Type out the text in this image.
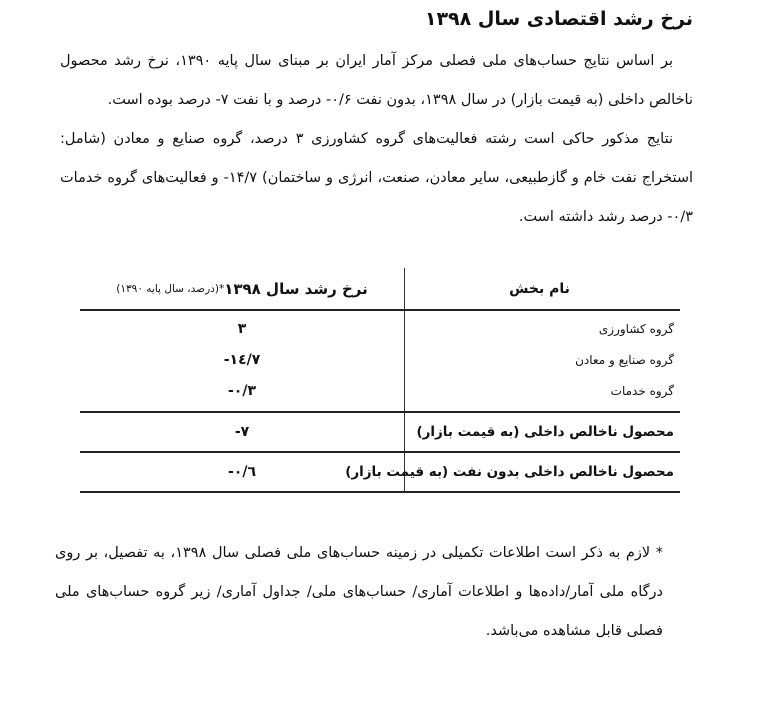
نرخ رشد اقتصادی سال ۱۳۹۸
بر اساس نتایج حساب‌های ملی فصلی مرکز آمار ایران بر مبنای سال پایه ۱۳۹۰، نرخ رشد محصول ناخالص داخلی (به قیمت بازار) در سال ۱۳۹۸، بدون نفت ۰/۶- درصد و با نفت ۷- درصد بوده است.
نتایج مذکور حاکی است رشته فعالیت‌های گروه کشاورزی ۳ درصد، گروه صنایع و معادن (شامل: استخراج نفت خام و گازطبیعی، سایر معادن، صنعت، انرژی و ساختمان) ۱۴/۷- و فعالیت‌های گروه خدمات ۰/۳- درصد رشد داشته است.
نام بخش
نرخ رشد سال ۱۳۹۸
*(درصد، سال پایه ۱۳۹۰)
گروه کشاورزی
گروه صنایع و معادن
گروه خدمات
۳
-۱٤/۷
-۰/۳
محصول ناخالص داخلی (به قیمت بازار)
-۷
محصول ناخالص داخلی بدون نفت (به قیمت بازار)
-۰/٦
* لازم به ذکر است اطلاعات تکمیلی در زمینه حساب‌های ملی فصلی سال ۱۳۹۸، به تفصیل، بر روی درگاه ملی آمار/داده‌ها و اطلاعات آماری/ حساب‌های ملی/ جداول آماری/ زیر گروه حساب‌های ملی فصلی قابل مشاهده می‌باشد.
